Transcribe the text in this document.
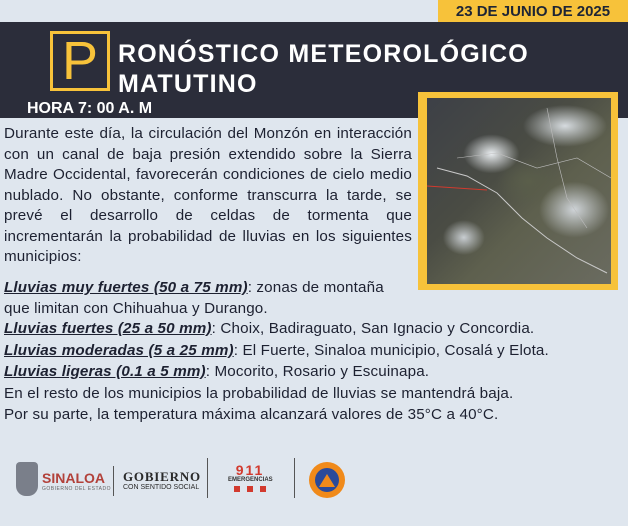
23 DE JUNIO DE 2025
P RONÓSTICO METEOROLÓGICO
MATUTINO
HORA 7: 00 A. M
Durante este día, la circulación del Monzón en interacción con un canal de baja presión extendido sobre la Sierra Madre Occidental, favorecerán condiciones de cielo medio nublado. No obstante, conforme transcurra la tarde, se prevé el desarrollo de celdas de tormenta que incrementarán la probabilidad de lluvias en los siguientes municipios:
Lluvias muy fuertes (50 a 75 mm): zonas de montaña que limitan con Chihuahua y Durango.
Lluvias fuertes (25 a 50 mm): Choix, Badiraguato, San Ignacio y Concordia.
Lluvias moderadas (5 a 25 mm): El Fuerte, Sinaloa municipio, Cosalá y Elota.
Lluvias ligeras (0.1 a 5 mm): Mocorito, Rosario y Escuinapa.
En el resto de los municipios la probabilidad de lluvias se mantendrá baja.
Por su parte, la temperatura máxima alcanzará valores de 35°C a 40°C.
SINALOA
GOBIERNO DEL ESTADO
GOBIERNO
CON SENTIDO SOCIAL
911
EMERGENCIAS
